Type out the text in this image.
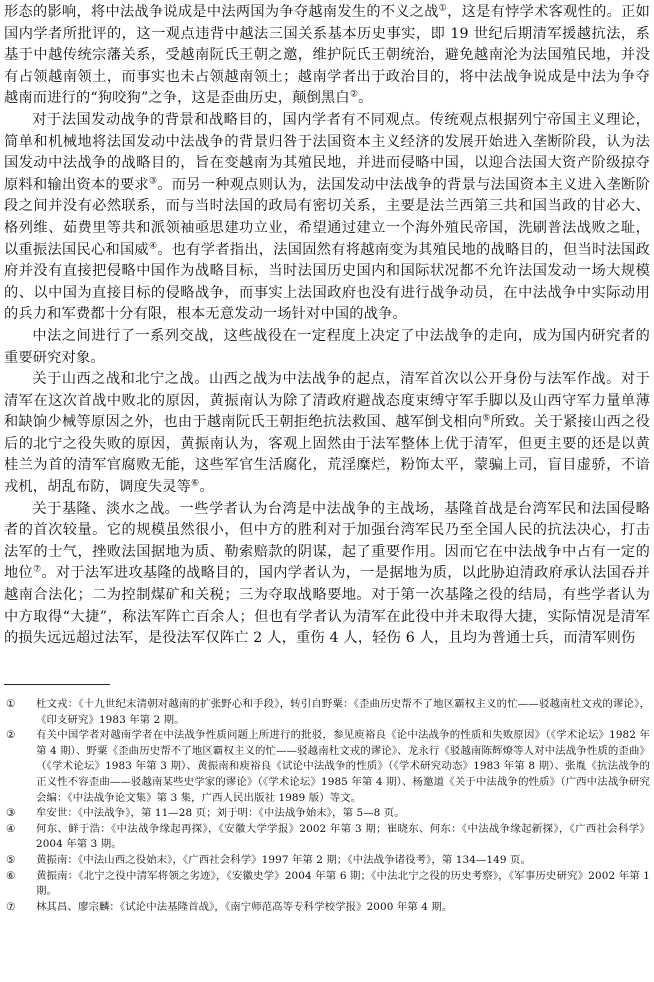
形态的影响，将中法战争说成是中法两国为争夺越南发生的不义之战①，这是有悖学术客观性的。正如国内学者所批评的，这一观点违背中越法三国关系基本历史事实，即 19 世纪后期清军援越抗法，系基于中越传统宗藩关系，受越南阮氏王朝之邀，维护阮氏王朝统治，避免越南沦为法国殖民地，并没有占领越南领土，而事实也未占领越南领土；越南学者出于政治目的，将中法战争说成是中法为争夺越南而进行的“狗咬狗”之争，这是歪曲历史，颠倒黑白②。

对于法国发动战争的背景和战略目的，国内学者有不同观点。传统观点根据列宁帝国主义理论，简单和机械地将法国发动中法战争的背景归咎于法国资本主义经济的发展开始进入垄断阶段，认为法国发动中法战争的战略目的，旨在变越南为其殖民地，并进而侵略中国，以迎合法国大资产阶级掠夺原料和输出资本的要求③。而另一种观点则认为，法国发动中法战争的背景与法国资本主义进入垄断阶段之间并没有必然联系，而与当时法国的政局有密切关系，主要是法兰西第三共和国当政的甘必大、格列维、茹费里等共和派领袖亟思建功立业，希望通过建立一个海外殖民帝国，洗刷普法战败之耻，以重振法国民心和国威④。也有学者指出，法国固然有将越南变为其殖民地的战略目的，但当时法国政府并没有直接把侵略中国作为战略目标，当时法国历史国内和国际状况都不允许法国发动一场大规模的、以中国为直接目标的侵略战争，而事实上法国政府也没有进行战争动员，在中法战争中实际动用的兵力和军费都十分有限，根本无意发动一场针对中国的战争。

中法之间进行了一系列交战，这些战役在一定程度上决定了中法战争的走向，成为国内研究者的重要研究对象。

关于山西之战和北宁之战。山西之战为中法战争的起点，清军首次以公开身份与法军作战。对于清军在这次首战中败北的原因，黄振南认为除了清政府避战态度束缚守军手脚以及山西守军力量单薄和缺饷少械等原因之外，也由于越南阮氏王朝拒绝抗法救国、越军倒戈相向⑤所致。关于紧接山西之役后的北宁之役失败的原因，黄振南认为，客观上固然由于法军整体上优于清军，但更主要的还是以黄桂兰为首的清军官腐败无能，这些军官生活腐化，荒淫糜烂，粉饰太平，蒙骗上司，盲目虚骄，不谙戎机，胡乱布防，调度失灵等⑥。

关于基隆、淡水之战。一些学者认为台湾是中法战争的主战场，基隆首战是台湾军民和法国侵略者的首次较量。它的规模虽然很小，但中方的胜利对于加强台湾军民乃至全国人民的抗法决心，打击法军的士气，挫败法国据地为质、勒索赔款的阴谋，起了重要作用。因而它在中法战争中占有一定的地位⑦。对于法军进攻基隆的战略目的，国内学者认为，一是据地为质，以此胁迫清政府承认法国吞并越南合法化；二为控制煤矿和关税；三为夺取战略要地。对于第一次基隆之役的结局，有些学者认为中方取得“大捷”，称法军阵亡百余人；但也有学者认为清军在此役中并未取得大捷，实际情况是清军的损失远远超过法军，是役法军仅阵亡 2 人，重伤 4 人，轻伤 6 人，且均为普通士兵，而清军则伤

①	杜文戎：《十九世纪末清朝对越南的扩张野心和手段》，转引自野粟：《歪曲历史帮不了地区霸权主义的忙——驳越南杜文戎的谬论》，《印支研究》1983 年第 2 期。
②	有关中国学者对越南学者在中法战争性质问题上所进行的批驳，参见庾裕良《论中法战争的性质和失败原因》（《学术论坛》1982 年第 4 期）、野粟《歪曲历史帮不了地区霸权主义的忙——驳越南杜文戎的谬论》、龙永行《驳越南陈辉燎等人对中法战争性质的歪曲》（《学术论坛》1983 年第 3 期）、黄振南和庾裕良《试论中法战争的性质》（《学术研究动态》1983 年第 8 期）、张胤《抗法战争的正义性不容歪曲——驳越南某些史学家的谬论》（《学术论坛》1985 年第 4 期）、杨邀道《关于中法战争的性质》（广西中法战争研究会编：《中法战争论文集》第 3 集，广西人民出版社 1989 版）等文。
③	牟安世：《中法战争》，第 11—28 页；刘于明：《中法战争始末》，第 5—8 页。
④	何东、鲜于浩：《中法战争缘起再探》，《安徽大学学报》2002 年第 3 期；崔晓东、何东：《中法战争缘起新探》，《广西社会科学》2004 年第 3 期。
⑤	黄振南：《中法山西之役始末》，《广西社会科学》1997 年第 2 期；《中法战争诸役考》，第 134—149 页。
⑥	黄振南：《北宁之役中清军将领之劣迹》，《安徽史学》2004 年第 6 期；《中法北宁之役的历史考察》，《军事历史研究》2002 年第 1 期。
⑦	林其昌、廖宗麟：《试论中法基隆首战》，《南宁师范高等专科学校学报》2000 年第 4 期。
